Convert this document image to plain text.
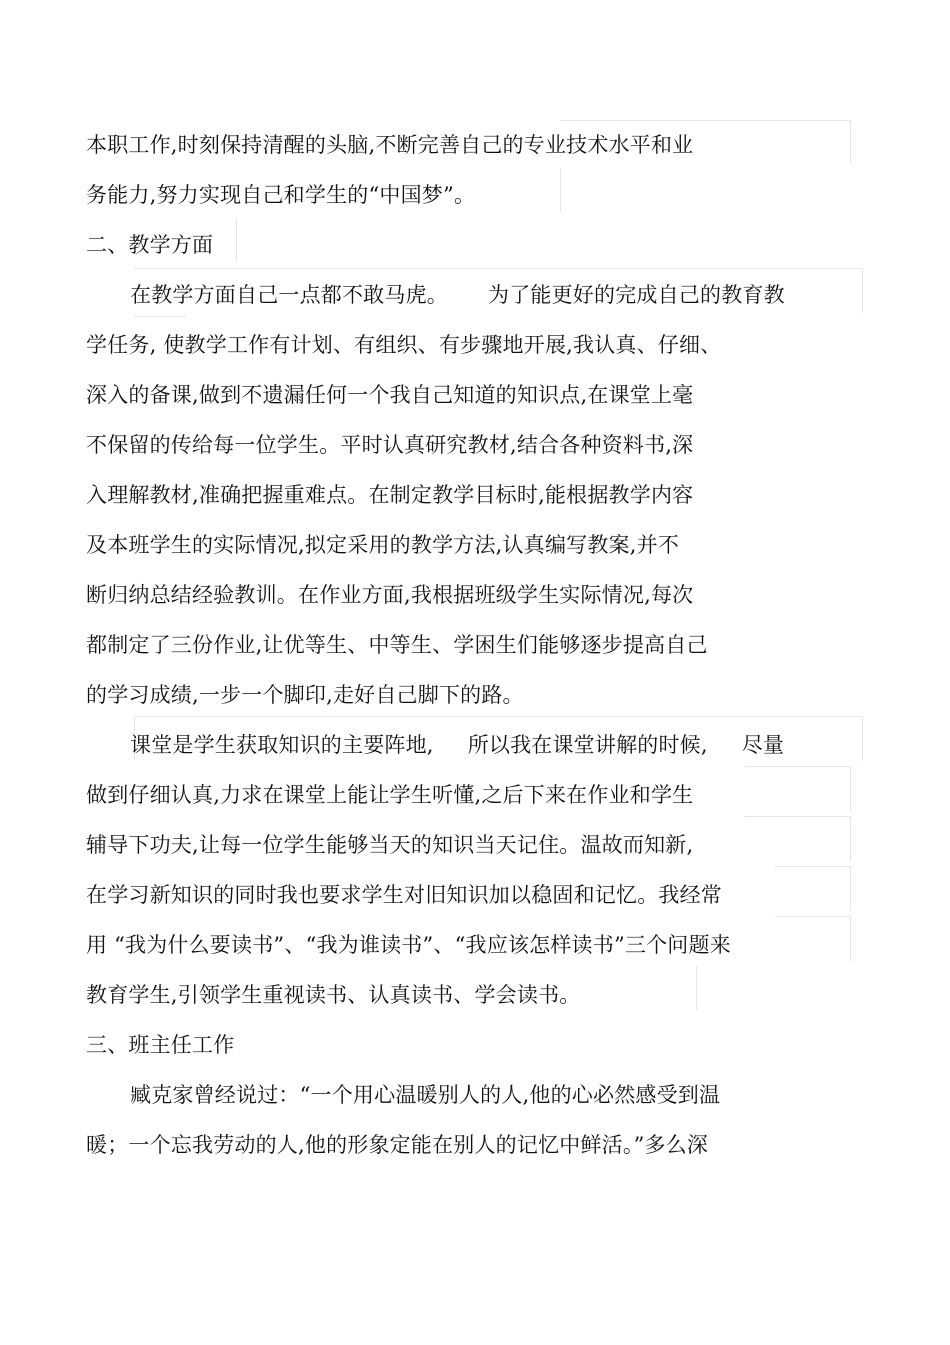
本职工作,时刻保持清醒的头脑,不断完善自己的专业技术水平和业
务能力,努力实现自己和学生的“中国梦”。
二、教学方面
在教学方面自己一点都不敢马虎。 为了能更好的完成自己的教育教
学任务, 使教学工作有计划、有组织、有步骤地开展,我认真、仔细、
深入的备课,做到不遗漏任何一个我自己知道的知识点,在课堂上毫
不保留的传给每一位学生。平时认真研究教材,结合各种资料书,深
入理解教材,准确把握重难点。在制定教学目标时,能根据教学内容
及本班学生的实际情况,拟定采用的教学方法,认真编写教案,并不
断归纳总结经验教训。在作业方面,我根据班级学生实际情况,每次
都制定了三份作业,让优等生、中等生、学困生们能够逐步提高自己
的学习成绩,一步一个脚印,走好自己脚下的路。
课堂是学生获取知识的主要阵地, 所以我在课堂讲解的时候, 尽量
做到仔细认真,力求在课堂上能让学生听懂,之后下来在作业和学生
辅导下功夫,让每一位学生能够当天的知识当天记住。温故而知新,
在学习新知识的同时我也要求学生对旧知识加以稳固和记忆。我经常
用 “我为什么要读书”、“我为谁读书”、“我应该怎样读书”三个问题来
教育学生,引领学生重视读书、认真读书、学会读书。
三、班主任工作
臧克家曾经说过：“一个用心温暖别人的人,他的心必然感受到温
暖；一个忘我劳动的人,他的形象定能在别人的记忆中鲜活。”多么深
